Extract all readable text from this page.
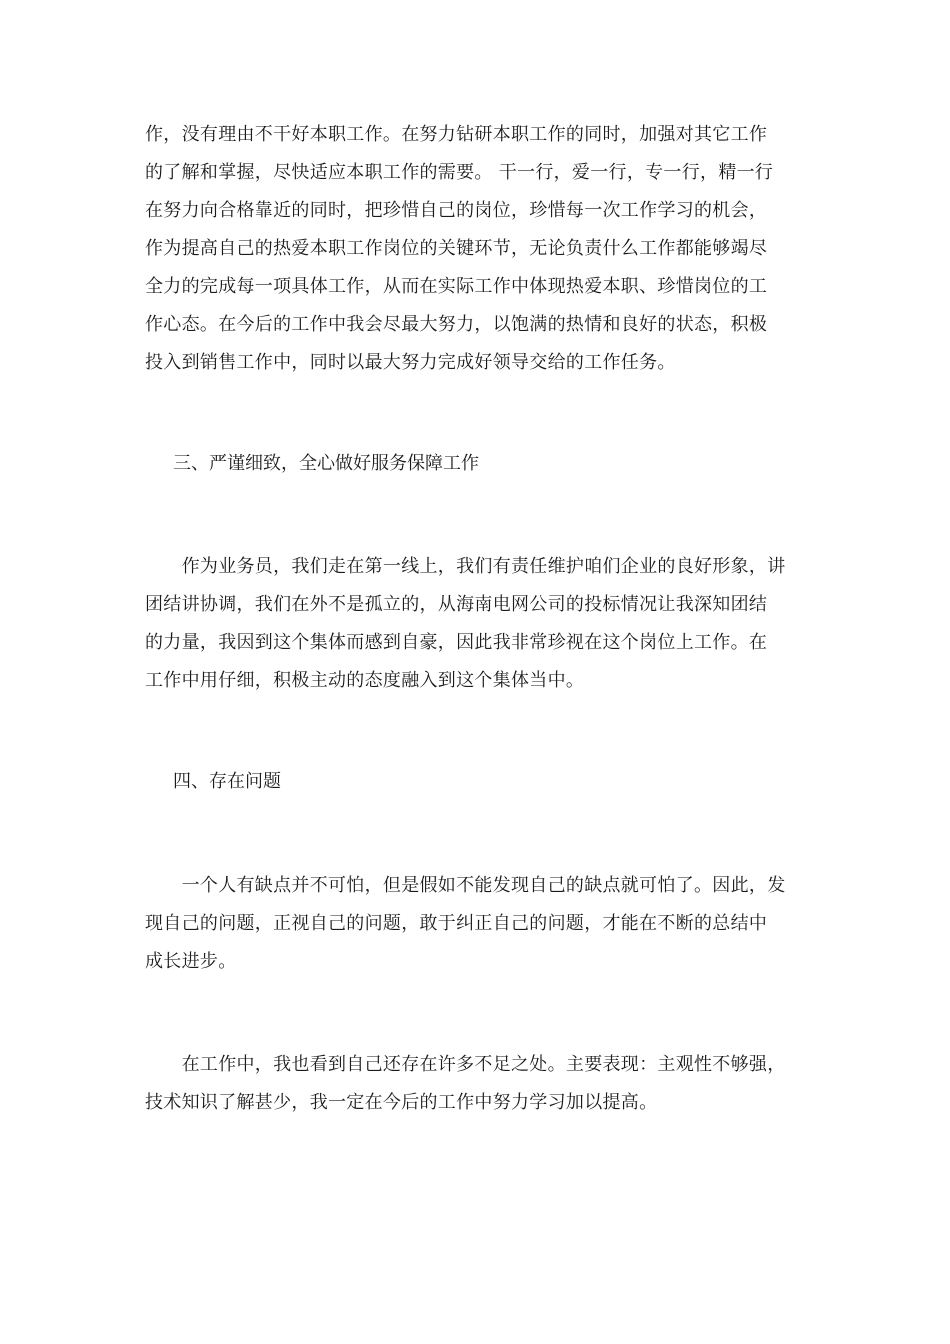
作，没有理由不干好本职工作。在努力钻研本职工作的同时，加强对其它工作
的了解和掌握，尽快适应本职工作的需要。 干一行，爱一行，专一行，精一行
在努力向合格靠近的同时，把珍惜自己的岗位，珍惜每一次工作学习的机会，
作为提高自己的热爱本职工作岗位的关键环节，无论负责什么工作都能够竭尽
全力的完成每一项具体工作，从而在实际工作中体现热爱本职、珍惜岗位的工
作心态。在今后的工作中我会尽最大努力，以饱满的热情和良好的状态，积极
投入到销售工作中，同时以最大努力完成好领导交给的工作任务。
三、严谨细致，全心做好服务保障工作
　　作为业务员，我们走在第一线上，我们有责任维护咱们企业的良好形象，讲
团结讲协调，我们在外不是孤立的，从海南电网公司的投标情况让我深知团结
的力量，我因到这个集体而感到自豪，因此我非常珍视在这个岗位上工作。在
工作中用仔细，积极主动的态度融入到这个集体当中。
四、存在问题
　　一个人有缺点并不可怕，但是假如不能发现自己的缺点就可怕了。因此，发
现自己的问题，正视自己的问题，敢于纠正自己的问题，才能在不断的总结中
成长进步。
　　在工作中，我也看到自己还存在许多不足之处。主要表现：主观性不够强，
技术知识了解甚少，我一定在今后的工作中努力学习加以提高。
